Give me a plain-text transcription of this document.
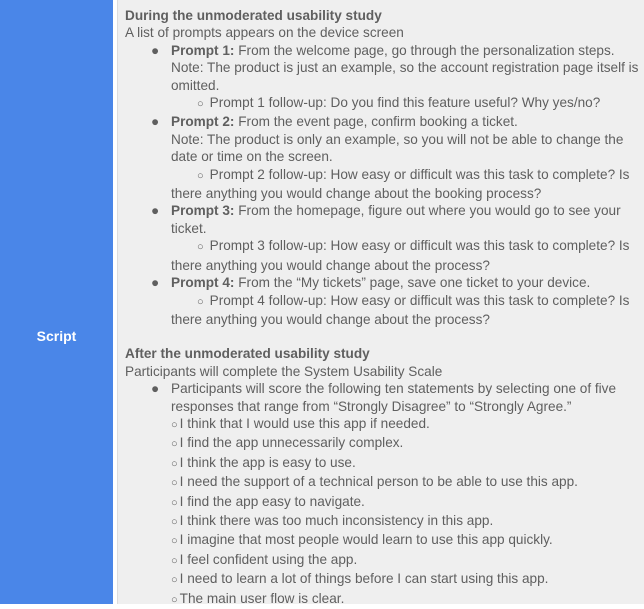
Script
During the unmoderated usability study
A list of prompts appears on the device screen
● Prompt 1: From the welcome page, go through the personalization steps.
Note: The product is just an example, so the account registration page itself is omitted.
○ Prompt 1 follow-up: Do you find this feature useful? Why yes/no?
● Prompt 2: From the event page, confirm booking a ticket.
Note: The product is only an example, so you will not be able to change the date or time on the screen.
○ Prompt 2 follow-up: How easy or difficult was this task to complete? Is there anything you would change about the booking process?
● Prompt 3: From the homepage, figure out where you would go to see your ticket.
○ Prompt 3 follow-up: How easy or difficult was this task to complete? Is there anything you would change about the process?
● Prompt 4: From the “My tickets” page, save one ticket to your device.
○ Prompt 4 follow-up: How easy or difficult was this task to complete? Is there anything you would change about the process?
After the unmoderated usability study
Participants will complete the System Usability Scale
● Participants will score the following ten statements by selecting one of five responses that range from “Strongly Disagree” to “Strongly Agree.”
○ I think that I would use this app if needed.
○ I find the app unnecessarily complex.
○ I think the app is easy to use.
○ I need the support of a technical person to be able to use this app.
○ I find the app easy to navigate.
○ I think there was too much inconsistency in this app.
○ I imagine that most people would learn to use this app quickly.
○ I feel confident using the app.
○ I need to learn a lot of things before I can start using this app.
○ The main user flow is clear.
